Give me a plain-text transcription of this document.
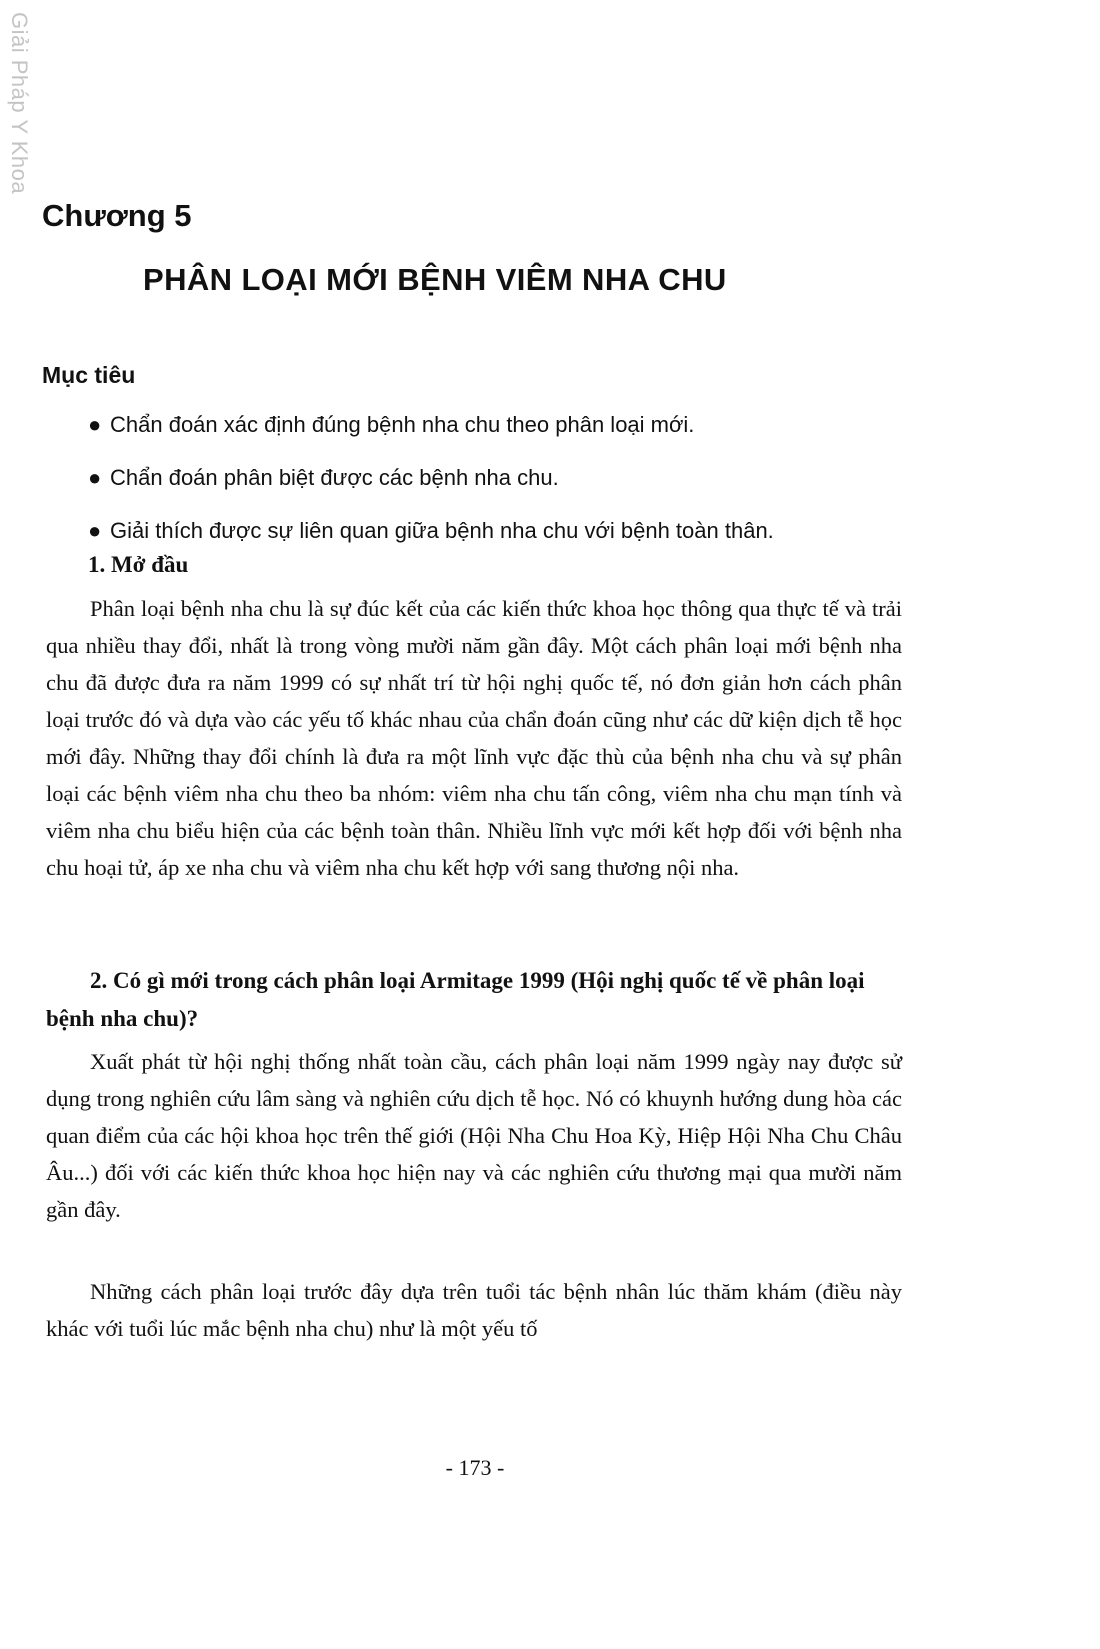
Giải Pháp Y Khoa
Chương 5
PHÂN LOẠI MỚI BỆNH VIÊM NHA CHU
Mục tiêu
● Chẩn đoán xác định đúng bệnh nha chu theo phân loại mới.
● Chẩn đoán phân biệt được các bệnh nha chu.
● Giải thích được sự liên quan giữa bệnh nha chu với bệnh toàn thân.
1. Mở đầu

Phân loại bệnh nha chu là sự đúc kết của các kiến thức khoa học thông qua thực tế và trải qua nhiều thay đổi, nhất là trong vòng mười năm gần đây. Một cách phân loại mới bệnh nha chu đã được đưa ra năm 1999 có sự nhất trí từ hội nghị quốc tế, nó đơn giản hơn cách phân loại trước đó và dựa vào các yếu tố khác nhau của chẩn đoán cũng như các dữ kiện dịch tễ học mới đây. Những thay đổi chính là đưa ra một lĩnh vực đặc thù của bệnh nha chu và sự phân loại các bệnh viêm nha chu theo ba nhóm: viêm nha chu tấn công, viêm nha chu mạn tính và viêm nha chu biểu hiện của các bệnh toàn thân. Nhiều lĩnh vực mới kết hợp đối với bệnh nha chu hoại tử, áp xe nha chu và viêm nha chu kết hợp với sang thương nội nha.

2. Có gì mới trong cách phân loại Armitage 1999 (Hội nghị quốc tế về phân loại bệnh nha chu)?

Xuất phát từ hội nghị thống nhất toàn cầu, cách phân loại năm 1999 ngày nay được sử dụng trong nghiên cứu lâm sàng và nghiên cứu dịch tễ học. Nó có khuynh hướng dung hòa các quan điểm của các hội khoa học trên thế giới (Hội Nha Chu Hoa Kỳ, Hiệp Hội Nha Chu Châu Âu...) đối với các kiến thức khoa học hiện nay và các nghiên cứu thương mại qua mười năm gần đây.

Những cách phân loại trước đây dựa trên tuổi tác bệnh nhân lúc thăm khám (điều này khác với tuổi lúc mắc bệnh nha chu) như là một yếu tố

- 173 -
